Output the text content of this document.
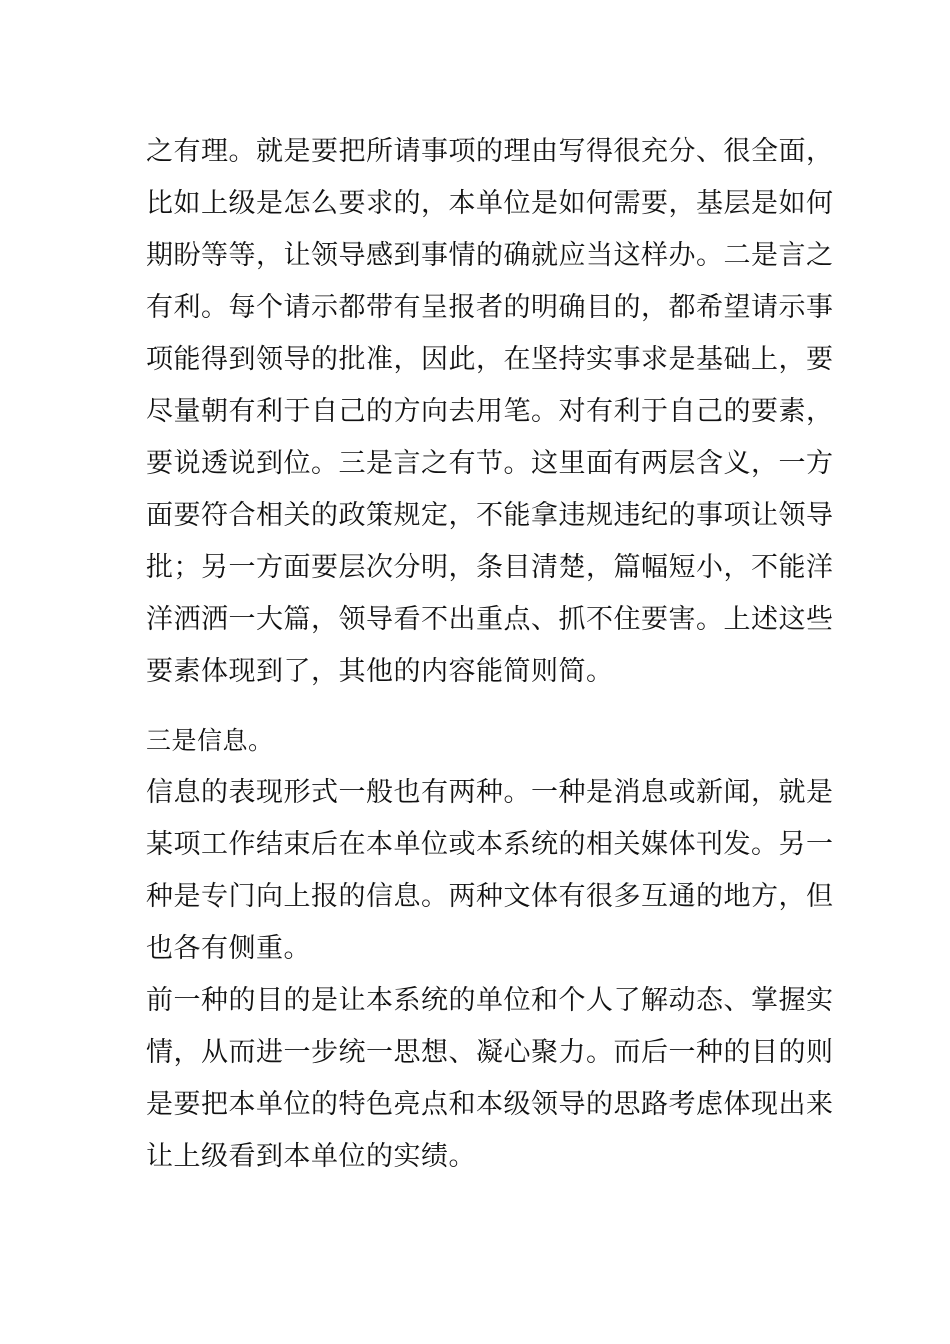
之有理。就是要把所请事项的理由写得很充分、很全面，
比如上级是怎么要求的，本单位是如何需要，基层是如何
期盼等等，让领导感到事情的确就应当这样办。二是言之
有利。每个请示都带有呈报者的明确目的，都希望请示事
项能得到领导的批准，因此，在坚持实事求是基础上，要
尽量朝有利于自己的方向去用笔。对有利于自己的要素，
要说透说到位。三是言之有节。这里面有两层含义，一方
面要符合相关的政策规定，不能拿违规违纪的事项让领导
批；另一方面要层次分明，条目清楚，篇幅短小，不能洋
洋洒洒一大篇，领导看不出重点、抓不住要害。上述这些
要素体现到了，其他的内容能简则简。
三是信息。
信息的表现形式一般也有两种。一种是消息或新闻，就是
某项工作结束后在本单位或本系统的相关媒体刊发。另一
种是专门向上报的信息。两种文体有很多互通的地方，但
也各有侧重。
前一种的目的是让本系统的单位和个人了解动态、掌握实
情，从而进一步统一思想、凝心聚力。而后一种的目的则
是要把本单位的特色亮点和本级领导的思路考虑体现出来
让上级看到本单位的实绩。
